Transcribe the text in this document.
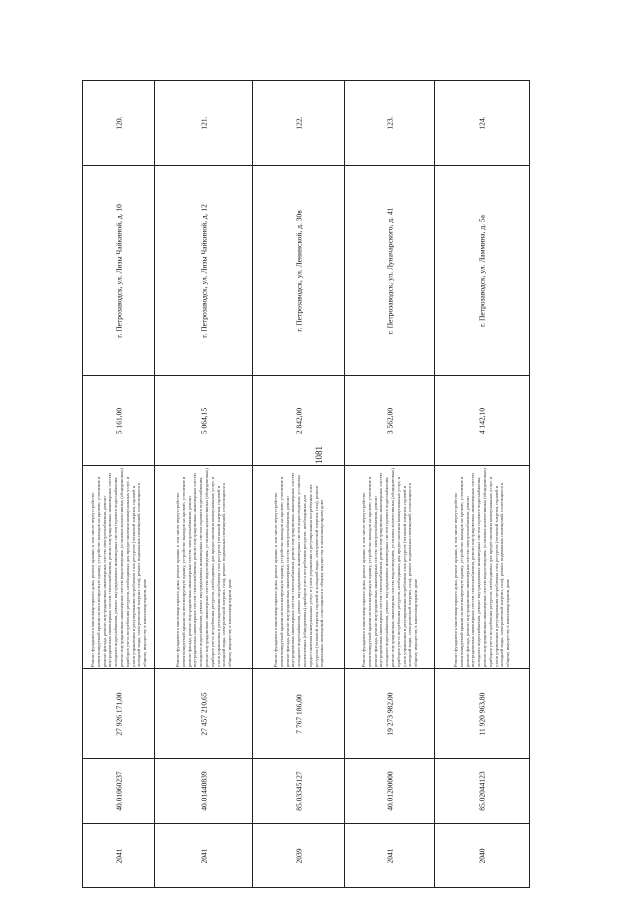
1081
120.
г. Петрозаводск, ул. Лизы Чайкиной, д. 10
5 161,00
Ремонт фундамента многоквартирного дома, ремонт крыши, в том числе переустройство невентилируемой крыши на вентилируемую крышу, устройство выходов на кровлю, утепление и ремонт фасада, ремонт внутридомовых инженерных систем электроснабжения, ремонт внутридомовых инженерных систем теплоснабжения, ремонт внутридомовых инженерных систем холодного водоснабжения, ремонт внутридомовых инженерных систем горячего водоснабжения, ремонт внутридомовых инженерных систем водоотведения, установка коллективных (общедомовых) приборов учета потребления ресурсов, необходимых для предоставления коммунальных услуг, и узлов управления и регулирования потребления этих ресурсов (тепловой энергии, горячей и холодной воды, электрической энергии, газа), ремонт подвальных помещений, относящихся к общему имуществу в многоквартирном доме
27 926 171,00
40.01060237
2041
121.
г. Петрозаводск, ул. Лизы Чайкиной, д. 12
5 064,15
Ремонт фундамента многоквартирного дома, ремонт крыши, в том числе переустройство невентилируемой крыши на вентилируемую крышу, устройство выходов на кровлю, утепление и ремонт фасада, ремонт внутридомовых инженерных систем электроснабжения, ремонт внутридомовых инженерных систем теплоснабжения, ремонт внутридомовых инженерных систем холодного водоснабжения, ремонт внутридомовых инженерных систем горячего водоснабжения, ремонт внутридомовых инженерных систем водоотведения, установка коллективных (общедомовых) приборов учета потребления ресурсов, необходимых для предоставления коммунальных услуг, и узлов управления и регулирования потребления этих ресурсов (тепловой энергии, горячей и холодной воды, электрической энергии, газа), ремонт подвальных помещений, относящихся к общему имуществу в многоквартирном доме
27 457 210,65
40.01440839
2041
122.
г. Петрозаводск, ул. Ленинской, д. 30в
2 842,00
Ремонт фундамента многоквартирного дома, ремонт крыши, в том числе переустройство невентилируемой крыши на вентилируемую крышу, устройство выходов на кровлю, утепление и ремонт фасада, ремонт внутридомовых инженерных систем электроснабжения, ремонт внутридомовых инженерных систем теплоснабжения, ремонт внутридомовых инженерных систем холодного водоснабжения, ремонт внутридомовых инженерных систем водоотведения, установка коллективных (общедомовых) приборов учета потребления ресурсов, необходимых для предоставления коммунальных услуг, и узлов управления и регулирования потребления этих ресурсов (тепловой энергии, горячей и холодной воды, электрической энергии, газа), ремонт подвальных помещений, относящихся к общему имуществу в многоквартирном доме
7 767 186,00
85.03345127
2039
123.
г. Петрозаводск, ул. Луначарского, д. 41
3 562,00
Ремонт фундамента многоквартирного дома, ремонт крыши, в том числе переустройство невентилируемой крыши на вентилируемую крышу, устройство выходов на кровлю, утепление и ремонт фасада, ремонт внутридомовых инженерных систем электроснабжения, ремонт внутридомовых инженерных систем теплоснабжения, ремонт внутридомовых инженерных систем холодного водоснабжения, ремонт внутридомовых инженерных систем горячего водоснабжения, ремонт внутридомовых инженерных систем водоотведения, установка коллективных (общедомовых) приборов учета потребления ресурсов, необходимых для предоставления коммунальных услуг, и узлов управления и регулирования потребления этих ресурсов (тепловой энергии, горячей и холодной воды, электрической энергии, газа), ремонт подвальных помещений, относящихся к общему имуществу в многоквартирном доме
19 273 982,00
40.01200000
2041
124.
г. Петрозаводск, ул. Ламмина, д. 5а
4 142,10
Ремонт фундамента многоквартирного дома, ремонт крыши, в том числе переустройство невентилируемой крыши на вентилируемую крышу, устройство выходов на кровлю, утепление и ремонт фасада, ремонт внутридомовых инженерных систем электроснабжения, ремонт внутридомовых инженерных систем теплоснабжения, ремонт внутридомовых инженерных систем холодного водоснабжения, ремонт внутридомовых инженерных систем горячего водоснабжения, ремонт внутридомовых инженерных систем водоотведения, установка коллективных (общедомовых) приборов учета потребления ресурсов, необходимых для предоставления коммунальных услуг, и узлов управления и регулирования потребления этих ресурсов (тепловой энергии, горячей и холодной воды, электрической энергии, газа), ремонт подвальных помещений, относящихся к общему имуществу в многоквартирном доме
11 920 963,80
85.02044123
2040
